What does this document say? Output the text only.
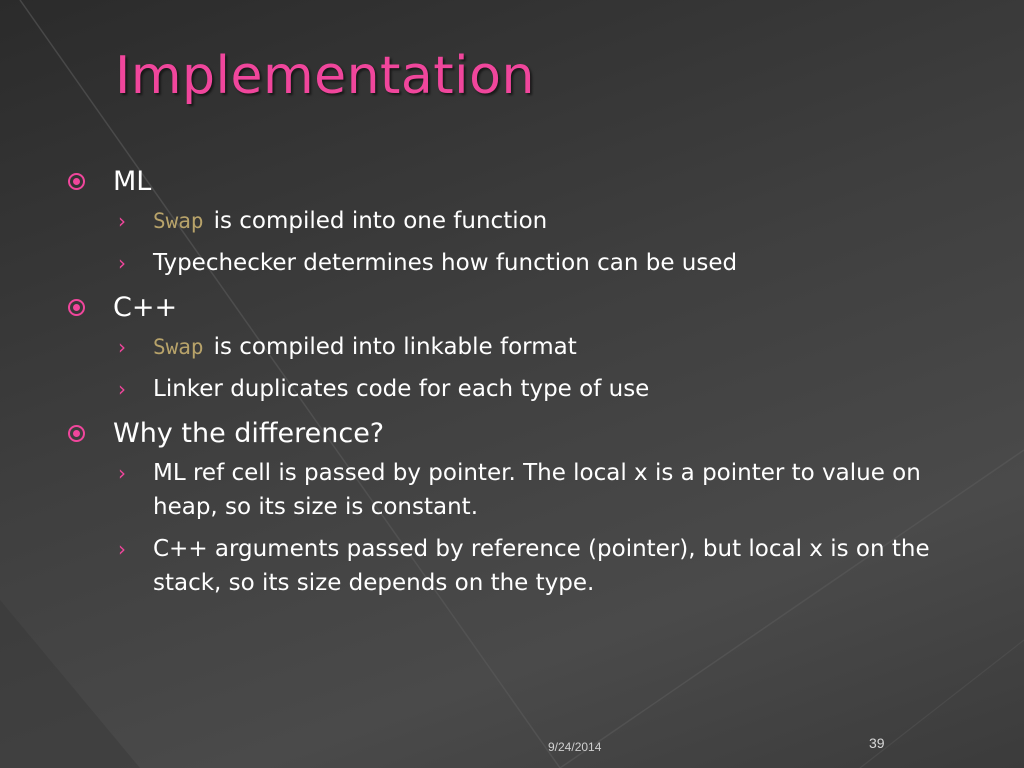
Implementation
ML
› Swap is compiled into one function
› Typechecker determines how function can be used
C++
› Swap is compiled into linkable format
› Linker duplicates code for each type of use
Why the difference?
› ML ref cell is passed by pointer. The local x is a pointer to value on heap, so its size is constant.
› C++ arguments passed by reference (pointer), but local x is on the stack, so its size depends on the type.
9/24/2014	39
